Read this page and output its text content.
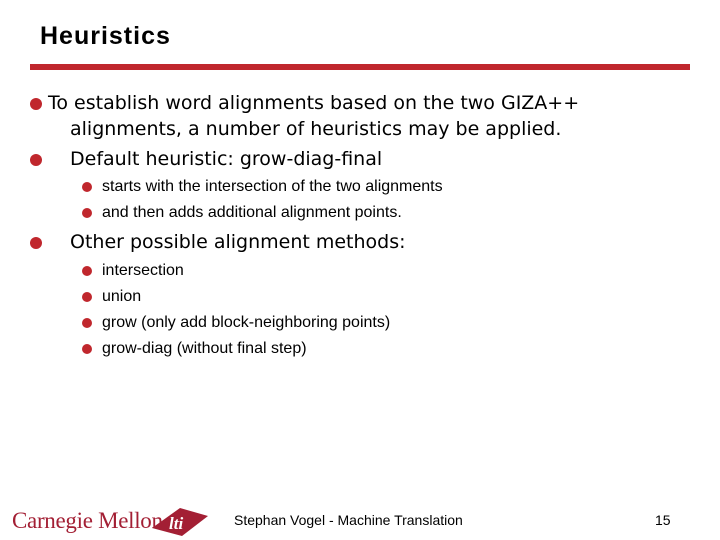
Heuristics
To establish word alignments based on the two GIZA++
alignments, a number of heuristics may be applied.
Default heuristic: grow-diag-final
starts with the intersection of the two alignments
and then adds additional alignment points.
Other possible alignment methods:
intersection
union
grow (only add block-neighboring points)
grow-diag (without final step)
Carnegie Mellon lti	Stephan Vogel - Machine Translation	15
